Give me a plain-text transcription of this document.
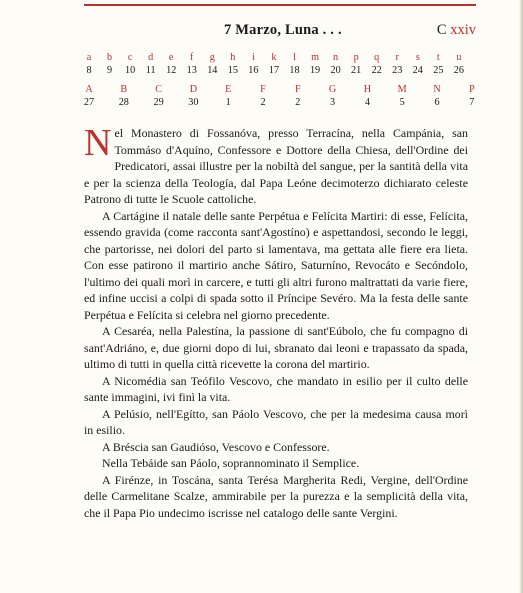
7 Marzo, Luna . . .	C xxiv
a	b	c	d	e	f	g	h	i	k	l	m	n	p	q	r	s	t	u
8	9	10	11	12	13	14	15	16	17	18	19	20	21	22	23	24	25	26
A	B	C	D	E	F	F	G	H	M	N	P
27	28	29	30	1	2	2	3	4	5	6	7

Nel Monastero di Fossanóva, presso Terracína, nella Campánia, san Tommáso d'Aquíno, Confessore e Dottore della Chiesa, dell'Ordine dei Predicatori, assai illustre per la nobiltà del sangue, per la santità della vita e per la scienza della Teología, dal Papa Leóne decimoterzo dichiarato celeste Patrono di tutte le Scuole cattoliche.

A Cartágine il natale delle sante Perpétua e Felícita Martiri: di esse, Felícita, essendo gravida (come racconta sant'Agostíno) e aspettandosi, secondo le leggi, che partorisse, nei dolori del parto si lamentava, ma gettata alle fiere era lieta. Con esse patirono il martirio anche Sátiro, Saturníno, Revocáto e Secóndolo, l'ultimo dei quali morì in carcere, e tutti gli altri furono maltrattati da varie fiere, ed infine uccisi a colpi di spada sotto il Príncipe Sevéro. Ma la festa delle sante Perpétua e Felícita si celebra nel giorno precedente.

A Cesaréa, nella Palestína, la passione di sant'Eúbolo, che fu compagno di sant'Adriáno, e, due giorni dopo di lui, sbranato dai leoni e trapassato da spada, ultimo di tutti in quella città ricevette la corona del martirio.

A Nicomédia san Teófilo Vescovo, che mandato in esilio per il culto delle sante immagini, ivi finì la vita.

A Pelúsio, nell'Egítto, san Páolo Vescovo, che per la medesima causa morì in esilio.

A Bréscia san Gaudióso, Vescovo e Confessore.

Nella Tebáide san Páolo, soprannominato il Semplice.

A Firénze, in Toscána, santa Terésa Margherita Redi, Vergine, dell'Ordine delle Carmelitane Scalze, ammirabile per la purezza e la semplicità della vita, che il Papa Pio undecimo iscrisse nel catalogo delle sante Vergini.
